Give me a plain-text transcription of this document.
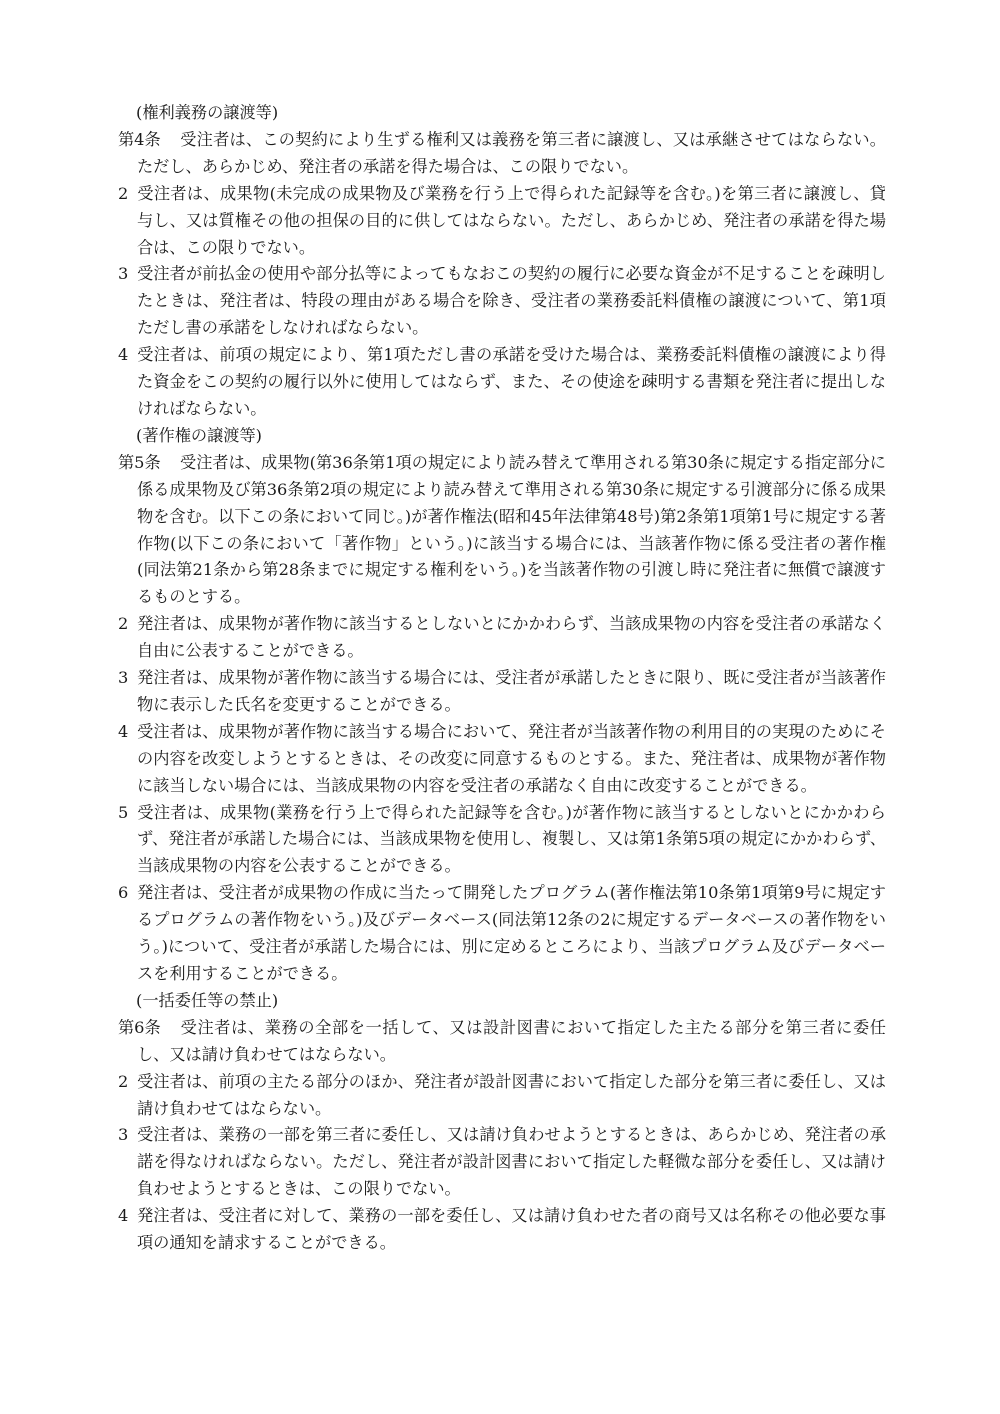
(権利義務の譲渡等)
第4条 受注者は、この契約により生ずる権利又は義務を第三者に譲渡し、又は承継させてはならない。ただし、あらかじめ、発注者の承諾を得た場合は、この限りでない。
2 受注者は、成果物(未完成の成果物及び業務を行う上で得られた記録等を含む。)を第三者に譲渡し、貸与し、又は質権その他の担保の目的に供してはならない。ただし、あらかじめ、発注者の承諾を得た場合は、この限りでない。
3 受注者が前払金の使用や部分払等によってもなおこの契約の履行に必要な資金が不足することを疎明したときは、発注者は、特段の理由がある場合を除き、受注者の業務委託料債権の譲渡について、第1項ただし書の承諾をしなければならない。
4 受注者は、前項の規定により、第1項ただし書の承諾を受けた場合は、業務委託料債権の譲渡により得た資金をこの契約の履行以外に使用してはならず、また、その使途を疎明する書類を発注者に提出しなければならない。
(著作権の譲渡等)
第5条 受注者は、成果物(第36条第1項の規定により読み替えて準用される第30条に規定する指定部分に係る成果物及び第36条第2項の規定により読み替えて準用される第30条に規定する引渡部分に係る成果物を含む。以下この条において同じ。)が著作権法(昭和45年法律第48号)第2条第1項第1号に規定する著作物(以下この条において「著作物」という。)に該当する場合には、当該著作物に係る受注者の著作権(同法第21条から第28条までに規定する権利をいう。)を当該著作物の引渡し時に発注者に無償で譲渡するものとする。
2 発注者は、成果物が著作物に該当するとしないとにかかわらず、当該成果物の内容を受注者の承諾なく自由に公表することができる。
3 発注者は、成果物が著作物に該当する場合には、受注者が承諾したときに限り、既に受注者が当該著作物に表示した氏名を変更することができる。
4 受注者は、成果物が著作物に該当する場合において、発注者が当該著作物の利用目的の実現のためにその内容を改変しようとするときは、その改変に同意するものとする。また、発注者は、成果物が著作物に該当しない場合には、当該成果物の内容を受注者の承諾なく自由に改変することができる。
5 受注者は、成果物(業務を行う上で得られた記録等を含む。)が著作物に該当するとしないとにかかわらず、発注者が承諾した場合には、当該成果物を使用し、複製し、又は第1条第5項の規定にかかわらず、当該成果物の内容を公表することができる。
6 発注者は、受注者が成果物の作成に当たって開発したプログラム(著作権法第10条第1項第9号に規定するプログラムの著作物をいう。)及びデータベース(同法第12条の2に規定するデータベースの著作物をいう。)について、受注者が承諾した場合には、別に定めるところにより、当該プログラム及びデータベースを利用することができる。
(一括委任等の禁止)
第6条 受注者は、業務の全部を一括して、又は設計図書において指定した主たる部分を第三者に委任し、又は請け負わせてはならない。
2 受注者は、前項の主たる部分のほか、発注者が設計図書において指定した部分を第三者に委任し、又は請け負わせてはならない。
3 受注者は、業務の一部を第三者に委任し、又は請け負わせようとするときは、あらかじめ、発注者の承諾を得なければならない。ただし、発注者が設計図書において指定した軽微な部分を委任し、又は請け負わせようとするときは、この限りでない。
4 発注者は、受注者に対して、業務の一部を委任し、又は請け負わせた者の商号又は名称その他必要な事項の通知を請求することができる。
